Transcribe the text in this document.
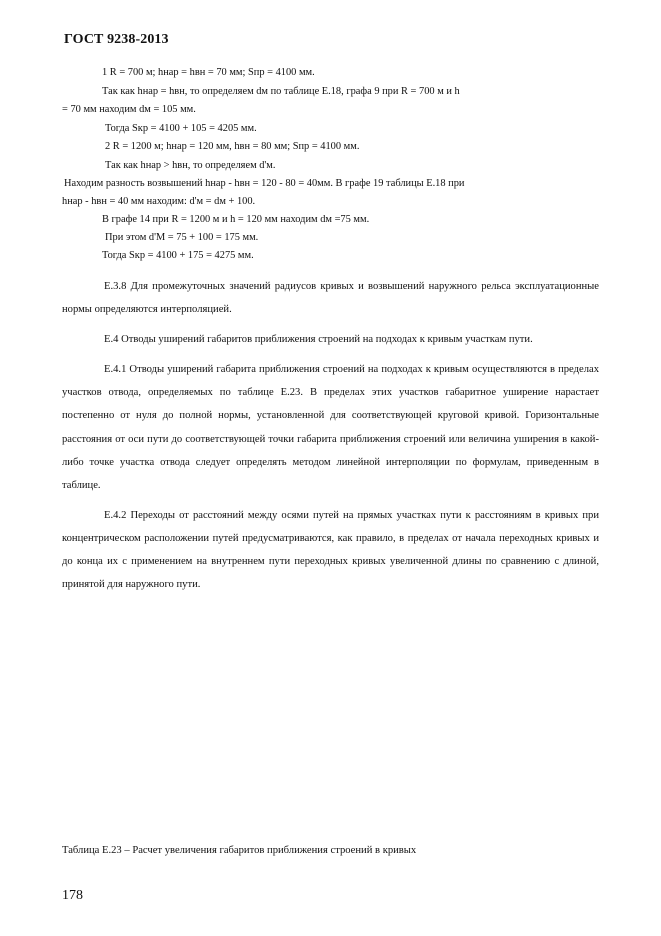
ГОСТ 9238-2013
1 R = 700 м; hнар = hвн = 70 мм; Sпр = 4100 мм.
Так как hнар = hвн, то определяем dм по таблице Е.18, графа 9 при R = 700 м и h
= 70 мм находим dм = 105 мм.
Тогда Sкр = 4100 + 105 = 4205 мм.
2 R = 1200 м; hнар = 120 мм, hвн = 80 мм; Sпр = 4100 мм.
Так как hнар > hвн, то определяем d'м.
Находим разность возвышений hнар - hвн = 120 - 80 = 40мм. В графе 19 таблицы Е.18 при
hнар - hвн = 40 мм находим: d'м = dм + 100.
В графе 14 при R = 1200 м и h = 120 мм находим dм =75 мм.
При этом d'M = 75 + 100 = 175 мм.
Тогда Sкр = 4100 + 175 = 4275 мм.

Е.3.8 Для промежуточных значений радиусов кривых и возвышений наружного рельса эксплуатационные нормы определяются интерполяцией.

Е.4 Отводы уширений габаритов приближения строений на подходах к кривым участкам пути.

Е.4.1 Отводы уширений габарита приближения строений на подходах к кривым осуществляются в пределах участков отвода, определяемых по таблице Е.23. В пределах этих участков габаритное уширение нарастает постепенно от нуля до полной нормы, установленной для соответствующей круговой кривой. Горизонтальные расстояния от оси пути до соответствующей точки габарита приближения строений или величина уширения в какой-либо точке участка отвода следует определять методом линейной интерполяции по формулам, приведенным в таблице.

Е.4.2 Переходы от расстояний между осями путей на прямых участках пути к расстояниям в кривых при концентрическом расположении путей предусматриваются, как правило, в пределах от начала переходных кривых и до конца их с применением на внутреннем пути переходных кривых увеличенной длины по сравнению с длиной, принятой для наружного пути.

Таблица Е.23 – Расчет увеличения габаритов приближения строений в кривых
178
